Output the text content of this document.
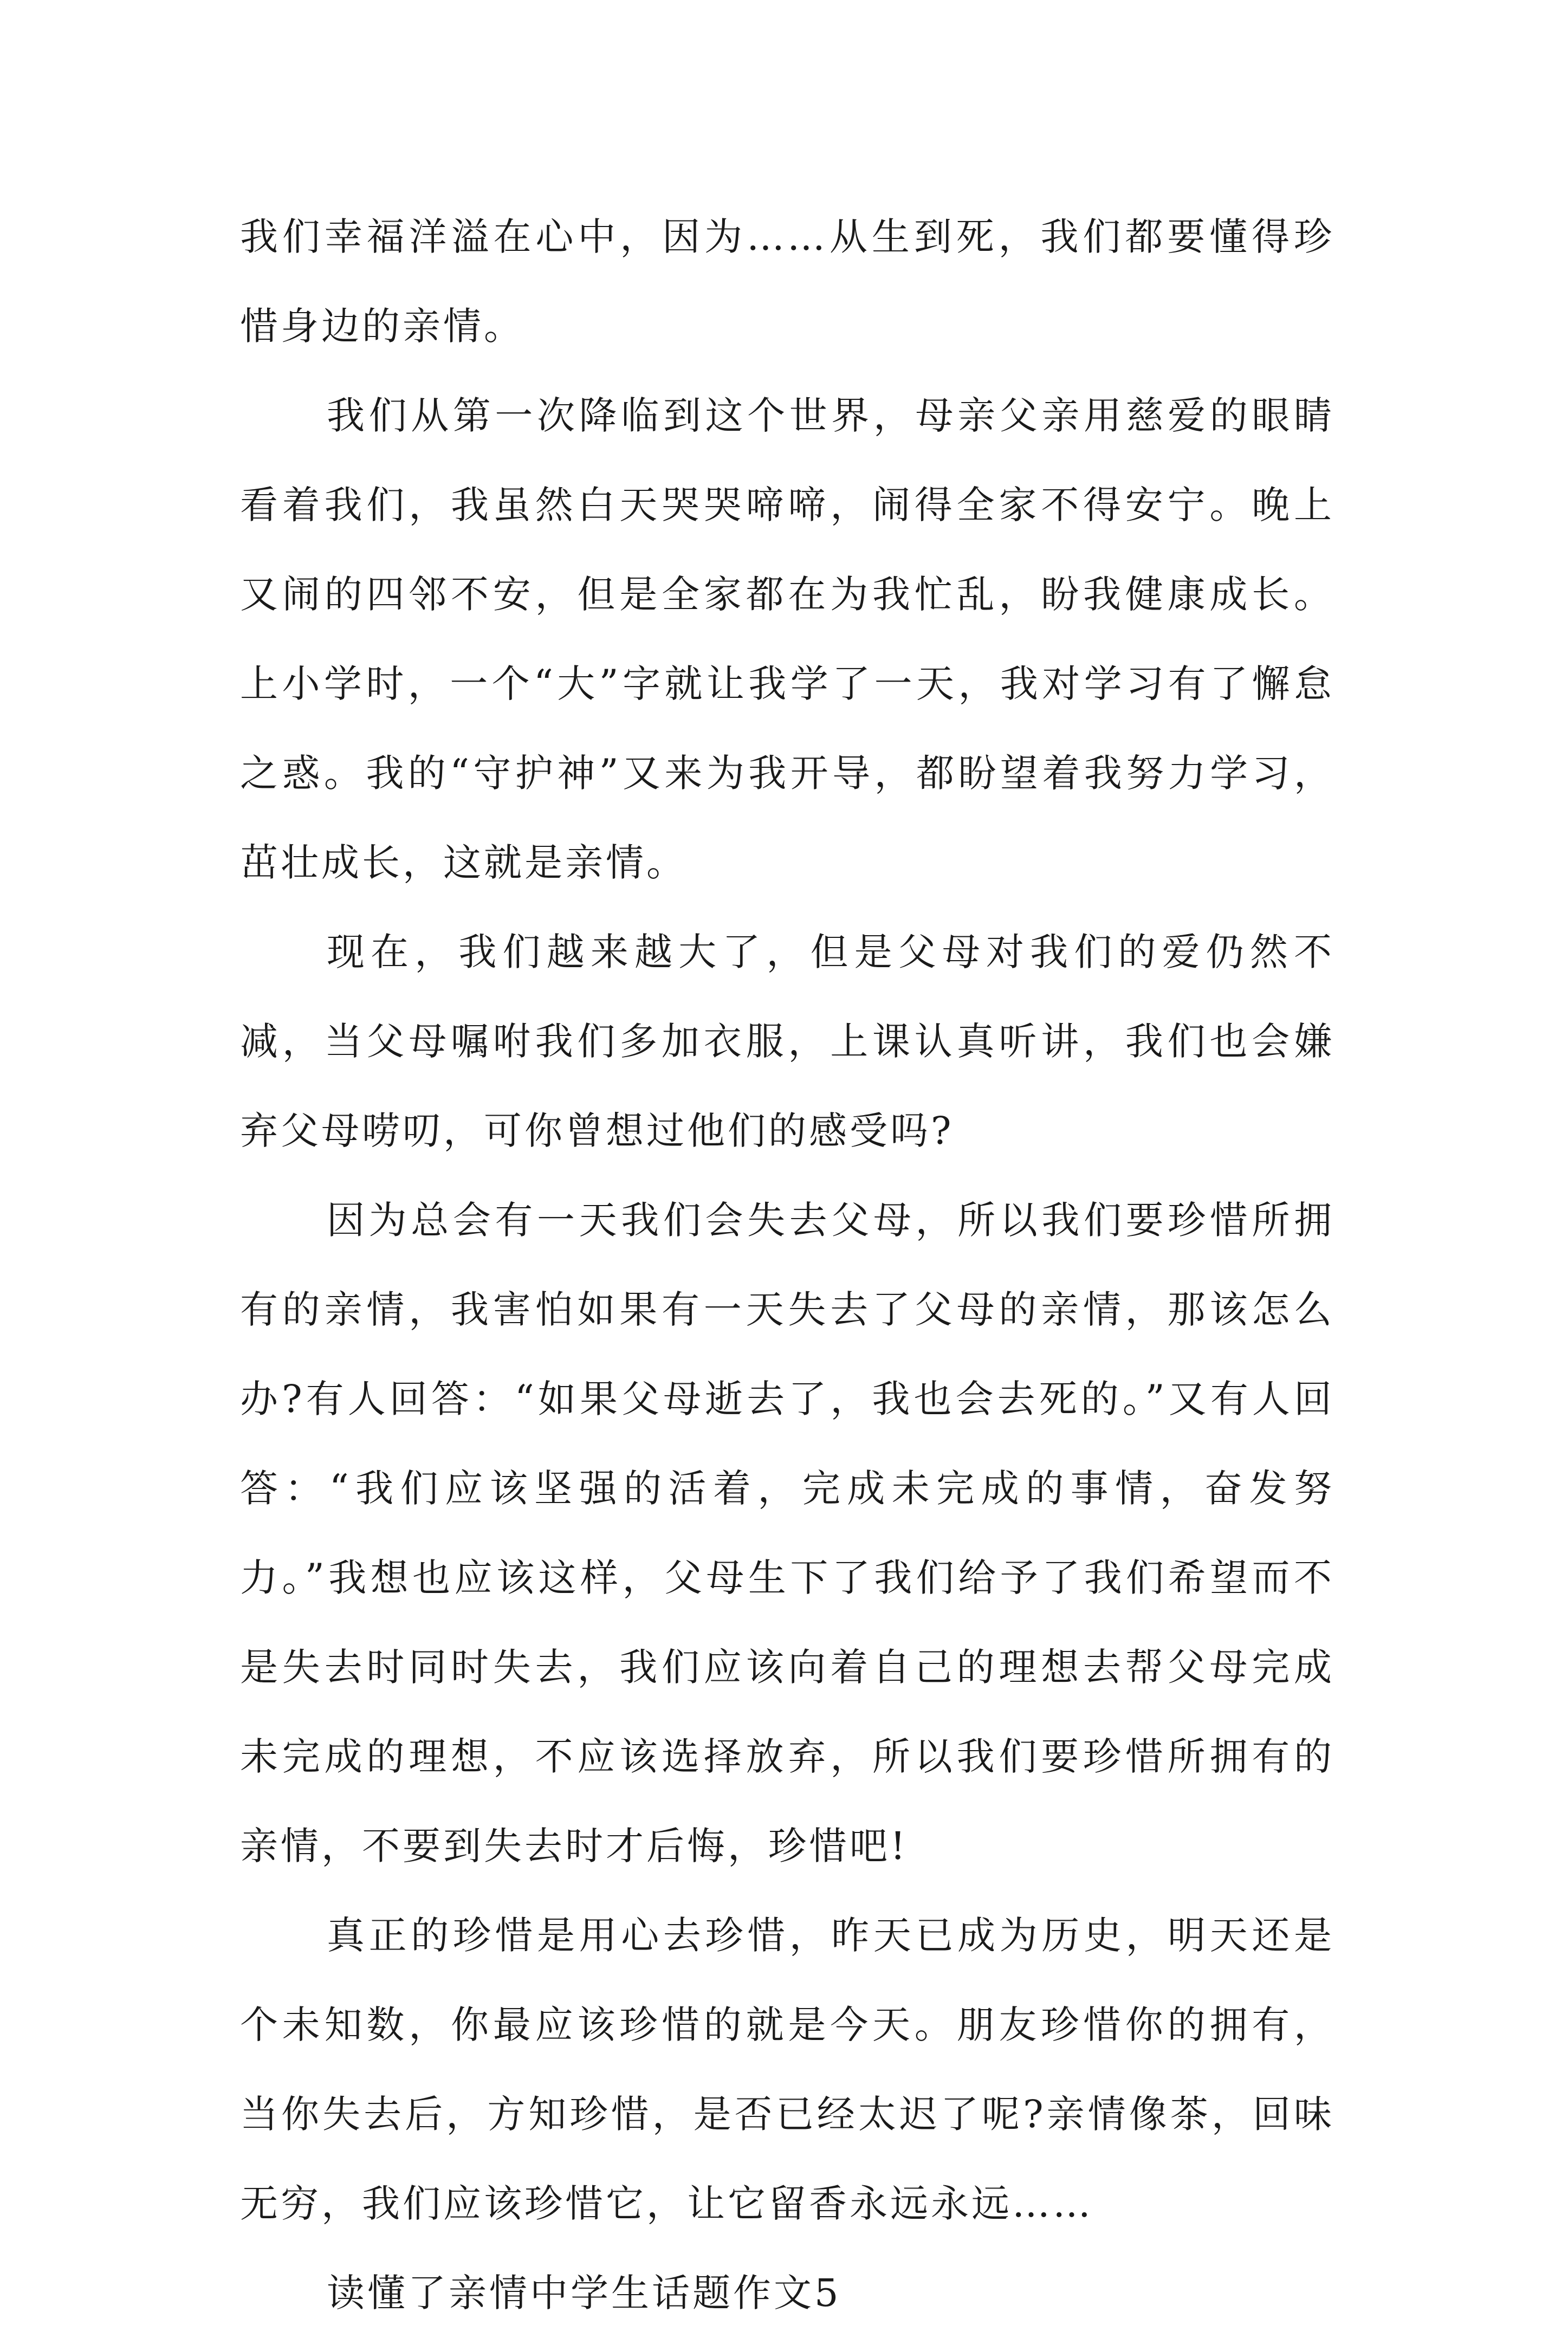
我们幸福洋溢在心中，因为……从生到死，我们都要懂得珍惜身边的亲情。

我们从第一次降临到这个世界，母亲父亲用慈爱的眼睛看着我们，我虽然白天哭哭啼啼，闹得全家不得安宁。晚上又闹的四邻不安，但是全家都在为我忙乱，盼我健康成长。上小学时，一个“大”字就让我学了一天，我对学习有了懈怠之惑。我的“守护神”又来为我开导，都盼望着我努力学习，茁壮成长，这就是亲情。

现在，我们越来越大了，但是父母对我们的爱仍然不减，当父母嘱咐我们多加衣服，上课认真听讲，我们也会嫌弃父母唠叨，可你曾想过他们的感受吗?

因为总会有一天我们会失去父母，所以我们要珍惜所拥有的亲情，我害怕如果有一天失去了父母的亲情，那该怎么办?有人回答：“如果父母逝去了，我也会去死的。”又有人回答：“我们应该坚强的活着，完成未完成的事情，奋发努力。”我想也应该这样，父母生下了我们给予了我们希望而不是失去时同时失去，我们应该向着自己的理想去帮父母完成未完成的理想，不应该选择放弃，所以我们要珍惜所拥有的亲情，不要到失去时才后悔，珍惜吧!

真正的珍惜是用心去珍惜，昨天已成为历史，明天还是个未知数，你最应该珍惜的就是今天。朋友珍惜你的拥有，当你失去后，方知珍惜，是否已经太迟了呢?亲情像茶，回味无穷，我们应该珍惜它，让它留香永远永远……

读懂了亲情中学生话题作文5
